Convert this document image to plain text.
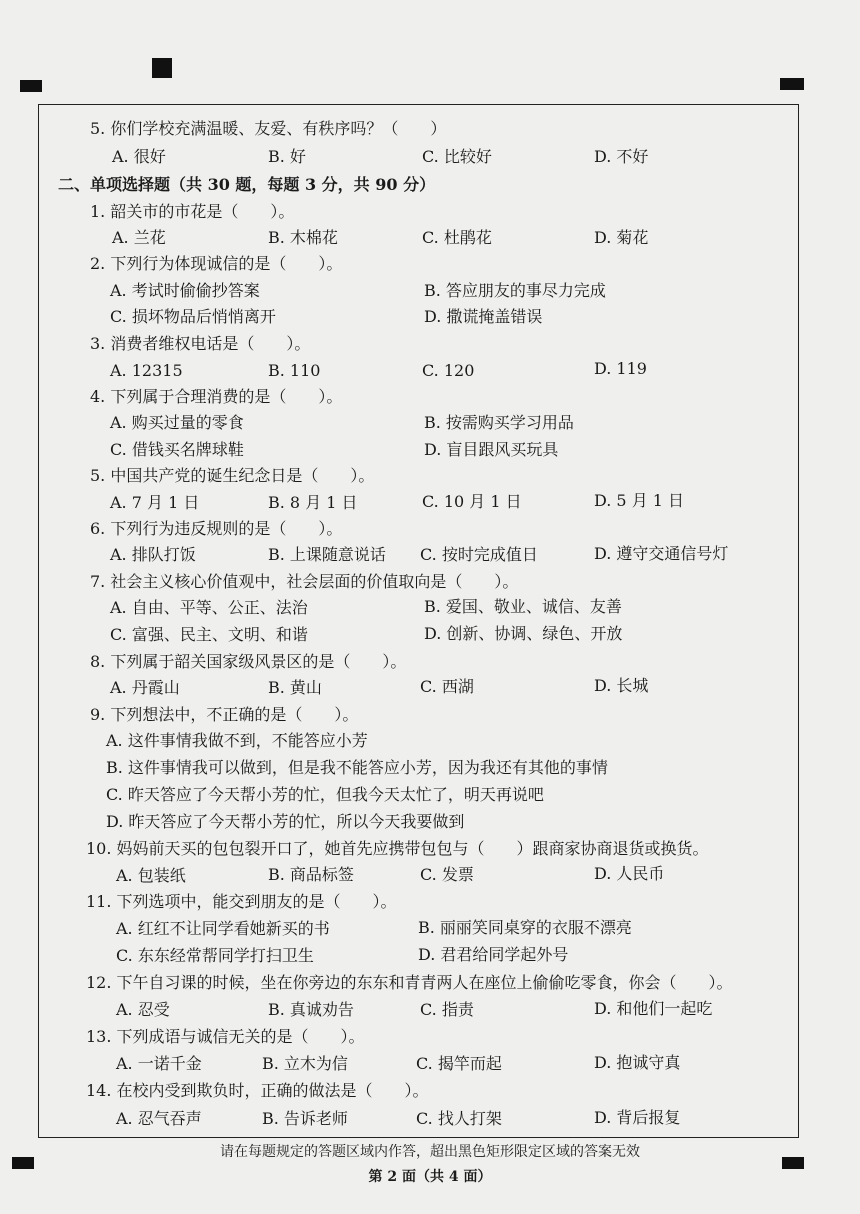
5. 你们学校充满温暖、友爱、有秩序吗？（　　）
A. 很好	B. 好	C. 比较好	D. 不好
二、单项选择题（共 30 题，每题 3 分，共 90 分）
1. 韶关市的市花是（　　）。
A. 兰花	B. 木棉花	C. 杜鹃花	D. 菊花
2. 下列行为体现诚信的是（　　）。
A. 考试时偷偷抄答案	B. 答应朋友的事尽力完成
C. 损坏物品后悄悄离开	D. 撒谎掩盖错误
3. 消费者维权电话是（　　）。
A. 12315	B. 110	C. 120	D. 119
4. 下列属于合理消费的是（　　）。
A. 购买过量的零食	B. 按需购买学习用品
C. 借钱买名牌球鞋	D. 盲目跟风买玩具
5. 中国共产党的诞生纪念日是（　　）。
A. 7 月 1 日	B. 8 月 1 日	C. 10 月 1 日	D. 5 月 1 日
6. 下列行为违反规则的是（　　）。
A. 排队打饭	B. 上课随意说话 C. 按时完成值日	D. 遵守交通信号灯
7. 社会主义核心价值观中，社会层面的价值取向是（　　）。
A. 自由、平等、公正、法治	B. 爱国、敬业、诚信、友善
C. 富强、民主、文明、和谐	D. 创新、协调、绿色、开放
8. 下列属于韶关国家级风景区的是（　　）。
A. 丹霞山	B. 黄山	C. 西湖	D. 长城
9. 下列想法中，不正确的是（　　）。
A. 这件事情我做不到，不能答应小芳
B. 这件事情我可以做到，但是我不能答应小芳，因为我还有其他的事情
C. 昨天答应了今天帮小芳的忙，但我今天太忙了，明天再说吧
D. 昨天答应了今天帮小芳的忙，所以今天我要做到
10. 妈妈前天买的包包裂开口了，她首先应携带包包与（　　）跟商家协商退货或换货。
A. 包装纸	B. 商品标签	C. 发票	D. 人民币
11. 下列选项中，能交到朋友的是（　　）。
A. 红红不让同学看她新买的书	B. 丽丽笑同桌穿的衣服不漂亮
C. 东东经常帮同学打扫卫生	D. 君君给同学起外号
12. 下午自习课的时候，坐在你旁边的东东和青青两人在座位上偷偷吃零食，你会（　　）。
A. 忍受	B. 真诚劝告	C. 指责	D. 和他们一起吃
13. 下列成语与诚信无关的是（　　）。
A. 一诺千金	B. 立木为信	C. 揭竿而起	D. 抱诚守真
14. 在校内受到欺负时，正确的做法是（　　）。
A. 忍气吞声	B. 告诉老师	C. 找人打架	D. 背后报复
请在每题规定的答题区域内作答，超出黑色矩形限定区域的答案无效
第 2 面（共 4 面）
